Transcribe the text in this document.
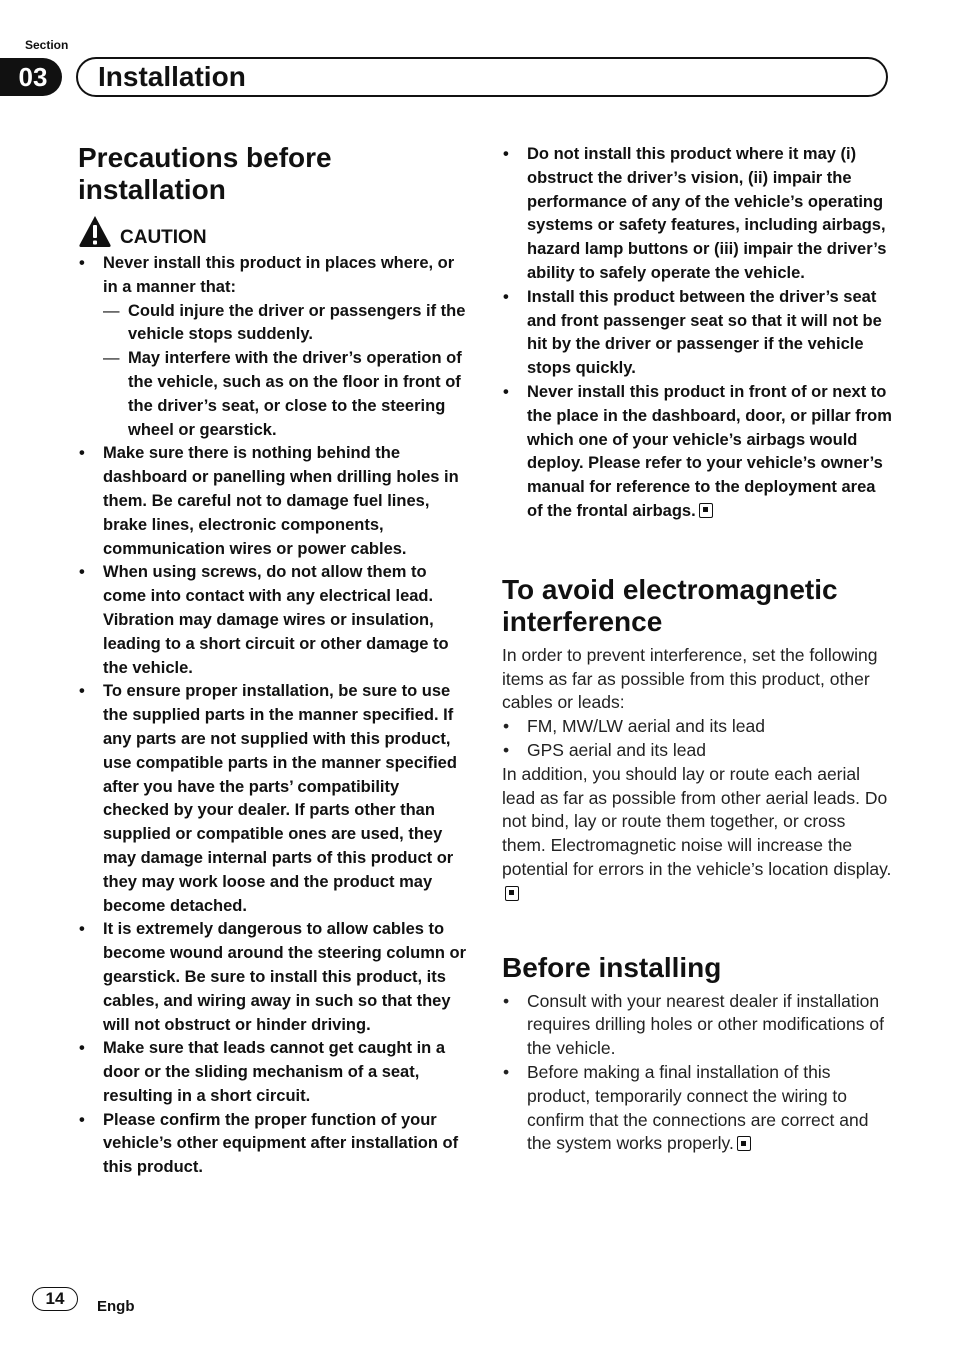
Section
03	Installation
Precautions before
installation
CAUTION
• Never install this product in places where, or in a manner that:
— Could injure the driver or passengers if the vehicle stops suddenly.
— May interfere with the driver’s operation of the vehicle, such as on the floor in front of the driver’s seat, or close to the steering wheel or gearstick.
• Make sure there is nothing behind the dashboard or panelling when drilling holes in them. Be careful not to damage fuel lines, brake lines, electronic components, communication wires or power cables.
• When using screws, do not allow them to come into contact with any electrical lead. Vibration may damage wires or insulation, leading to a short circuit or other damage to the vehicle.
• To ensure proper installation, be sure to use the supplied parts in the manner specified. If any parts are not supplied with this product, use compatible parts in the manner specified after you have the parts’ compatibility checked by your dealer. If parts other than supplied or compatible ones are used, they may damage internal parts of this product or they may work loose and the product may become detached.
• It is extremely dangerous to allow cables to become wound around the steering column or gearstick. Be sure to install this product, its cables, and wiring away in such so that they will not obstruct or hinder driving.
• Make sure that leads cannot get caught in a door or the sliding mechanism of a seat, resulting in a short circuit.
• Please confirm the proper function of your vehicle’s other equipment after installation of this product.
• Do not install this product where it may (i) obstruct the driver’s vision, (ii) impair the performance of any of the vehicle’s operating systems or safety features, including airbags, hazard lamp buttons or (iii) impair the driver’s ability to safely operate the vehicle.
• Install this product between the driver’s seat and front passenger seat so that it will not be hit by the driver or passenger if the vehicle stops quickly.
• Never install this product in front of or next to the place in the dashboard, door, or pillar from which one of your vehicle’s airbags would deploy. Please refer to your vehicle’s owner’s manual for reference to the deployment area of the frontal airbags.
To avoid electromagnetic
interference

In order to prevent interference, set the following items as far as possible from this product, other cables or leads:

• FM, MW/LW aerial and its lead
• GPS aerial and its lead

In addition, you should lay or route each aerial lead as far as possible from other aerial leads. Do not bind, lay or route them together, or cross them. Electromagnetic noise will increase the potential for errors in the vehicle’s location display.

Before installing
• Consult with your nearest dealer if installation requires drilling holes or other modifications of the vehicle.
• Before making a final installation of this product, temporarily connect the wiring to confirm that the connections are correct and the system works properly.
14	Engb
